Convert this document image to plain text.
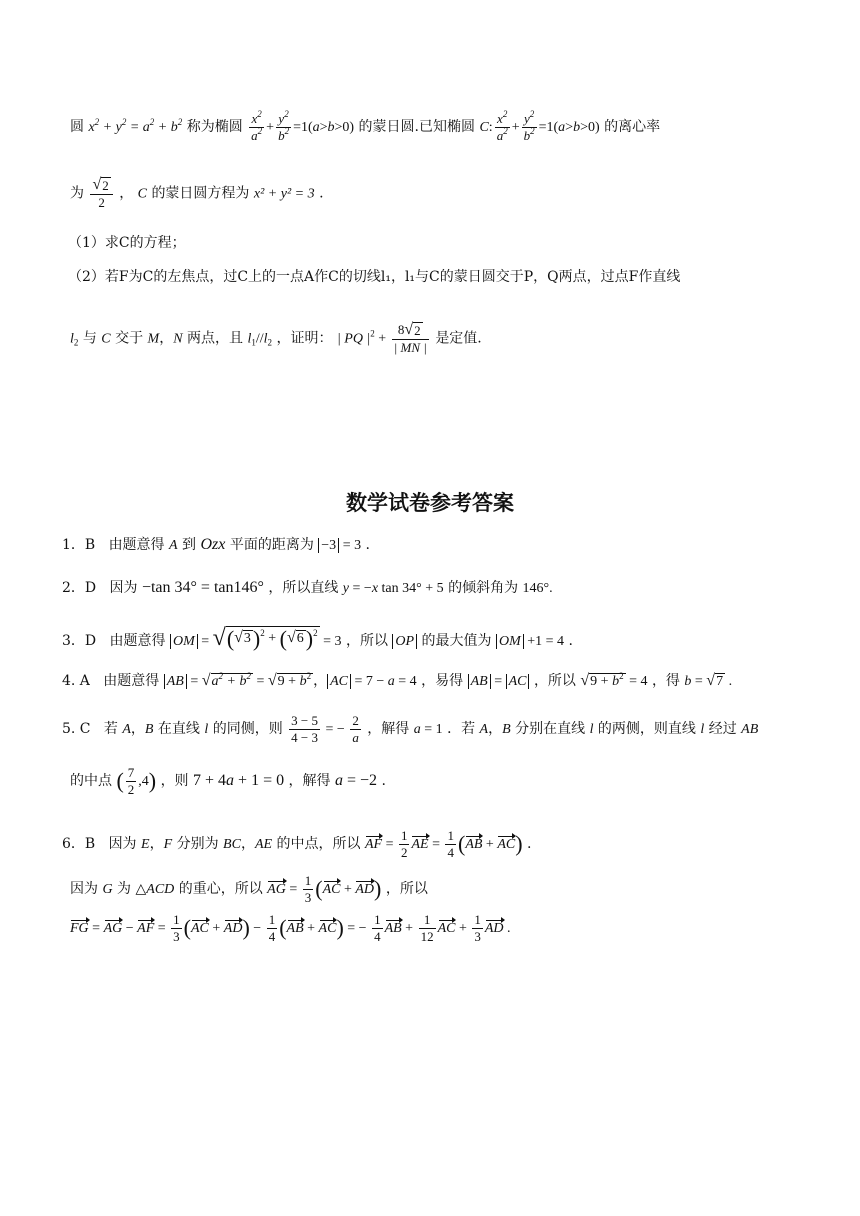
圆 $x^2 + y^2 = a^2 + b^2$ 称为椭圆 $\frac{x^2}{a^2} + \frac{y^2}{b^2} =1(a>b>0)$ 的蒙日圆.已知椭圆 C: $\frac{x^2}{a^2} + \frac{y^2}{b^2} =1(a>b>0)$ 的离心率
为 $\frac{√ 2}{2}$ ， C 的蒙日圆方程为 x² + y² = 3 .
（1）求C的方程；
（2）若F为C的左焦点，过C上的一点A作C的切线l₁，l₁与C的蒙日圆交于P，Q两点，过点F作直线
$l_2$ 与 C 交于 M，N 两点，且 $l_1//l_2$ ，证明： | PQ $|^2 + \frac{8 √ 2}{| MN |}$ 是定值.
数学试卷参考答案
1．B 由题意得 A 到 Ozx 平面的距离为 −3 = 3 .
2．D 因为 −tan 34° = tan146° ，所以直线 y = −x tan 34° + 5 的倾斜角为 146°.
3．D 由题意得 OM = √ ( √ 3 )$^2$ + ( √ 6 )$^2$
= 3 ，所以 OP 的最大值为 OM +1 = 4 .
4. A 由题意得 AB = √ $a^2 + b^2$ = √ $9 + b^2$ ， AC = 7 − a = 4 ，易得 AB = AC ，所以 √ $9 + b^2 = 4$ ，得 b = √ 7 .
5. C 若 A，B 在直线 l 的同侧，则 $\frac{3 - 5}{4 - 3}$ = − $\frac{2}{a}$ ，解得 a = 1 ．若 A，B 分别在直线 l 的两侧，则直线 l 经过 AB
的中点 ( $\frac{7}{2} ,4$) ，则 7 + 4a + 1 = 0 ，解得 a = −2 .
6．B 因为 E，F 分别为 BC，AE 的中点，所以 AF = $\frac{1}{2}$ AE = $\frac{1}{4} (AB + AC)$ .
因为 G 为 △ACD 的重心，所以 AG = $\frac{1}{3} (AC + AD)$ ，所以
FG = AG − AF = $\frac{1}{3} (AC + AD) - \frac{1}{4} (AB + AC)$ = − $\frac{1}{4}$ AB + $\frac{1}{12}$ AC + $\frac{1}{3}$ AD .
